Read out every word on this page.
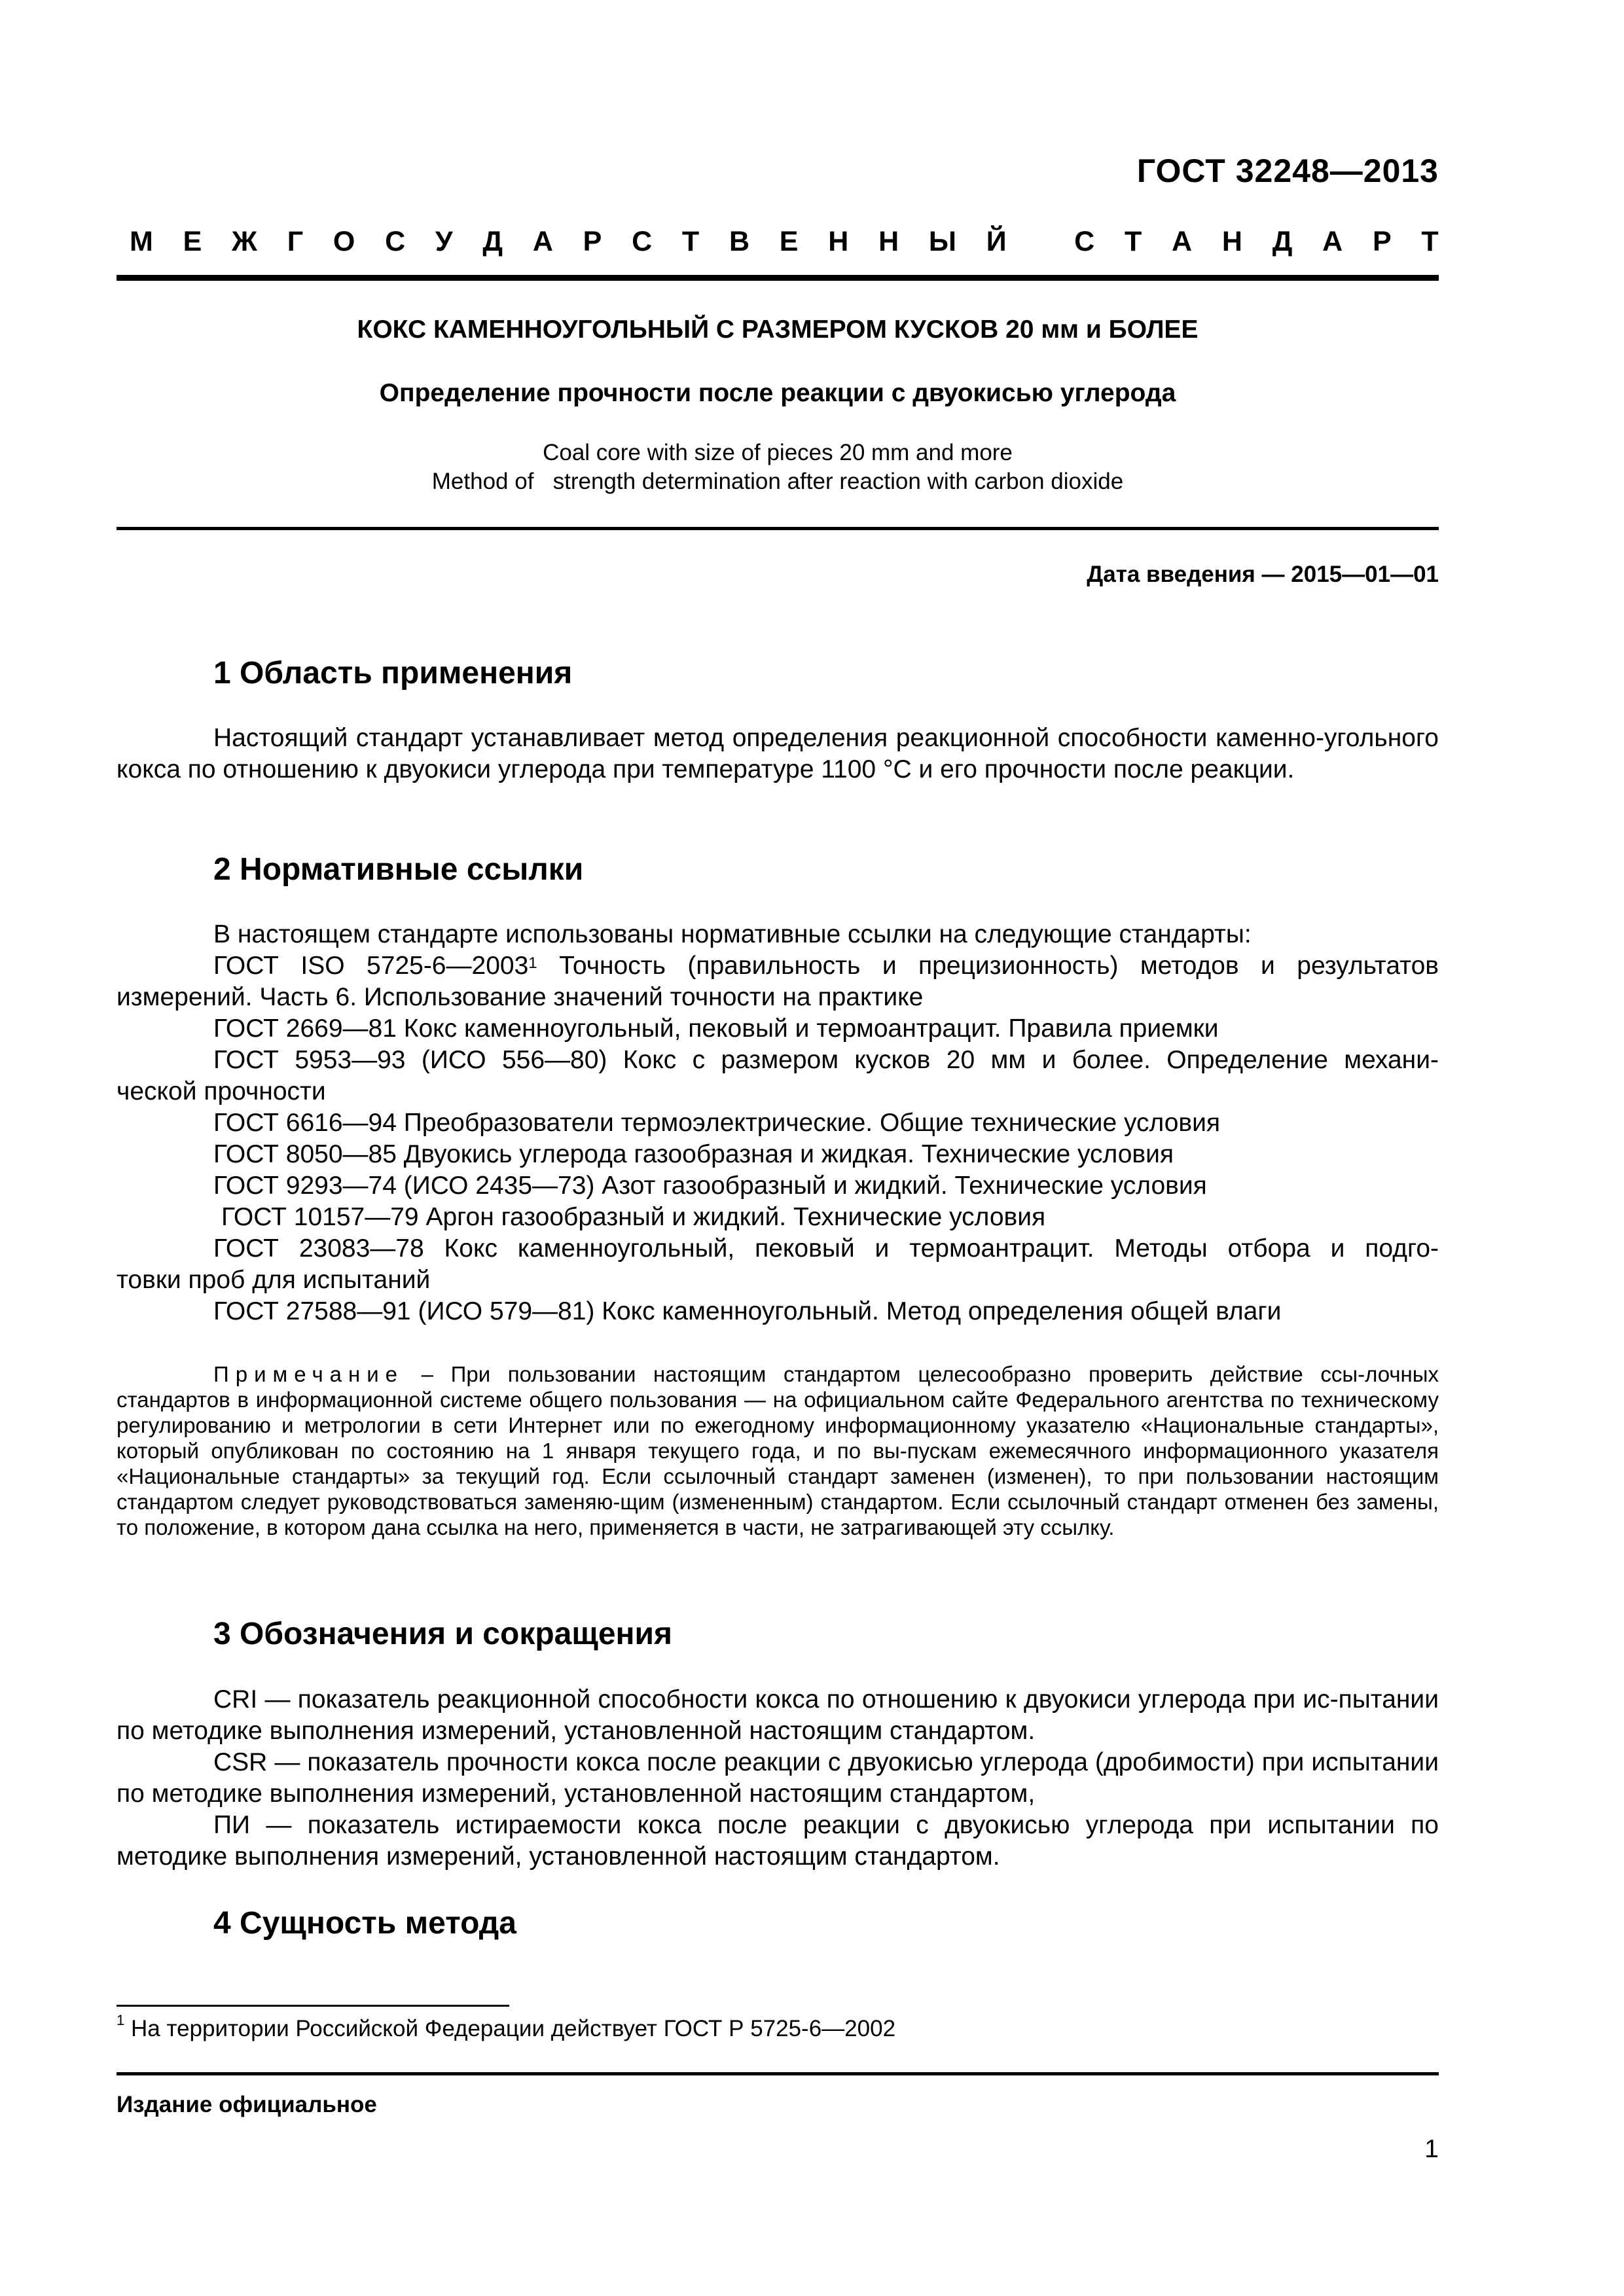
ГОСТ 32248—2013
М Е Ж Г О С У Д А Р С Т В Е Н Н Ы Й
С Т А Н Д А Р Т
КОКС КАМЕННОУГОЛЬНЫЙ С РАЗМЕРОМ КУСКОВ 20 мм и БОЛЕЕ
Определение прочности после реакции с двуокисью углерода
Coal core with size of pieces 20 mm and more
Method of   strength determination after reaction with carbon dioxide
Дата введения — 2015—01—01
1 Область применения
Настоящий стандарт устанавливает метод определения реакционной способности каменно-угольного кокса по отношению к двуокиси углерода при температуре 1100 °С и его прочности после реакции.
2 Нормативные ссылки
В настоящем стандарте использованы нормативные ссылки на следующие стандарты:
ГОСТ ISO 5725-6—2003$^1$ Точность (правильность и прецизионность) методов и результатов
измерений. Часть 6. Использование значений точности на практике
ГОСТ 2669—81 Кокс каменноугольный, пековый и термоантрацит. Правила приемки
ГОСТ 5953—93 (ИСО 556—80) Кокс с размером кусков 20 мм и более. Определение механи-
ческой прочности
ГОСТ 6616—94 Преобразователи термоэлектрические. Общие технические условия
ГОСТ 8050—85 Двуокись углерода газообразная и жидкая. Технические условия
ГОСТ 9293—74 (ИСО 2435—73) Азот газообразный и жидкий. Технические условия
ГОСТ 10157—79 Аргон газообразный и жидкий. Технические условия
ГОСТ 23083—78 Кокс каменноугольный, пековый и термоантрацит. Методы отбора и подго-
товки проб для испытаний
ГОСТ 27588—91 (ИСО 579—81) Кокс каменноугольный. Метод определения общей влаги
Примечание – При пользовании настоящим стандартом целесообразно проверить действие ссы-лочных стандартов в информационной системе общего пользования — на официальном сайте Федерального агентства по техническому регулированию и метрологии в сети Интернет или по ежегодному информационному указателю «Национальные стандарты», который опубликован по состоянию на 1 января текущего года, и по вы-пускам ежемесячного информационного указателя «Национальные стандарты» за текущий год. Если ссылочный стандарт заменен (изменен), то при пользовании настоящим стандартом следует руководствоваться заменяю-щим (измененным) стандартом. Если ссылочный стандарт отменен без замены, то положение, в котором дана ссылка на него, применяется в части, не затрагивающей эту ссылку.
3 Обозначения и сокращения
CRI — показатель реакционной способности кокса по отношению к двуокиси углерода при ис-пытании по методике выполнения измерений, установленной настоящим стандартом.
CSR — показатель прочности кокса после реакции с двуокисью углерода (дробимости) при испытании по методике выполнения измерений, установленной настоящим стандартом,
ПИ — показатель истираемости кокса после реакции с двуокисью углерода при испытании по методике выполнения измерений, установленной настоящим стандартом.
4 Сущность метода
$^1$ На территории Российской Федерации действует ГОСТ Р 5725-6—2002
Издание официальное
1
